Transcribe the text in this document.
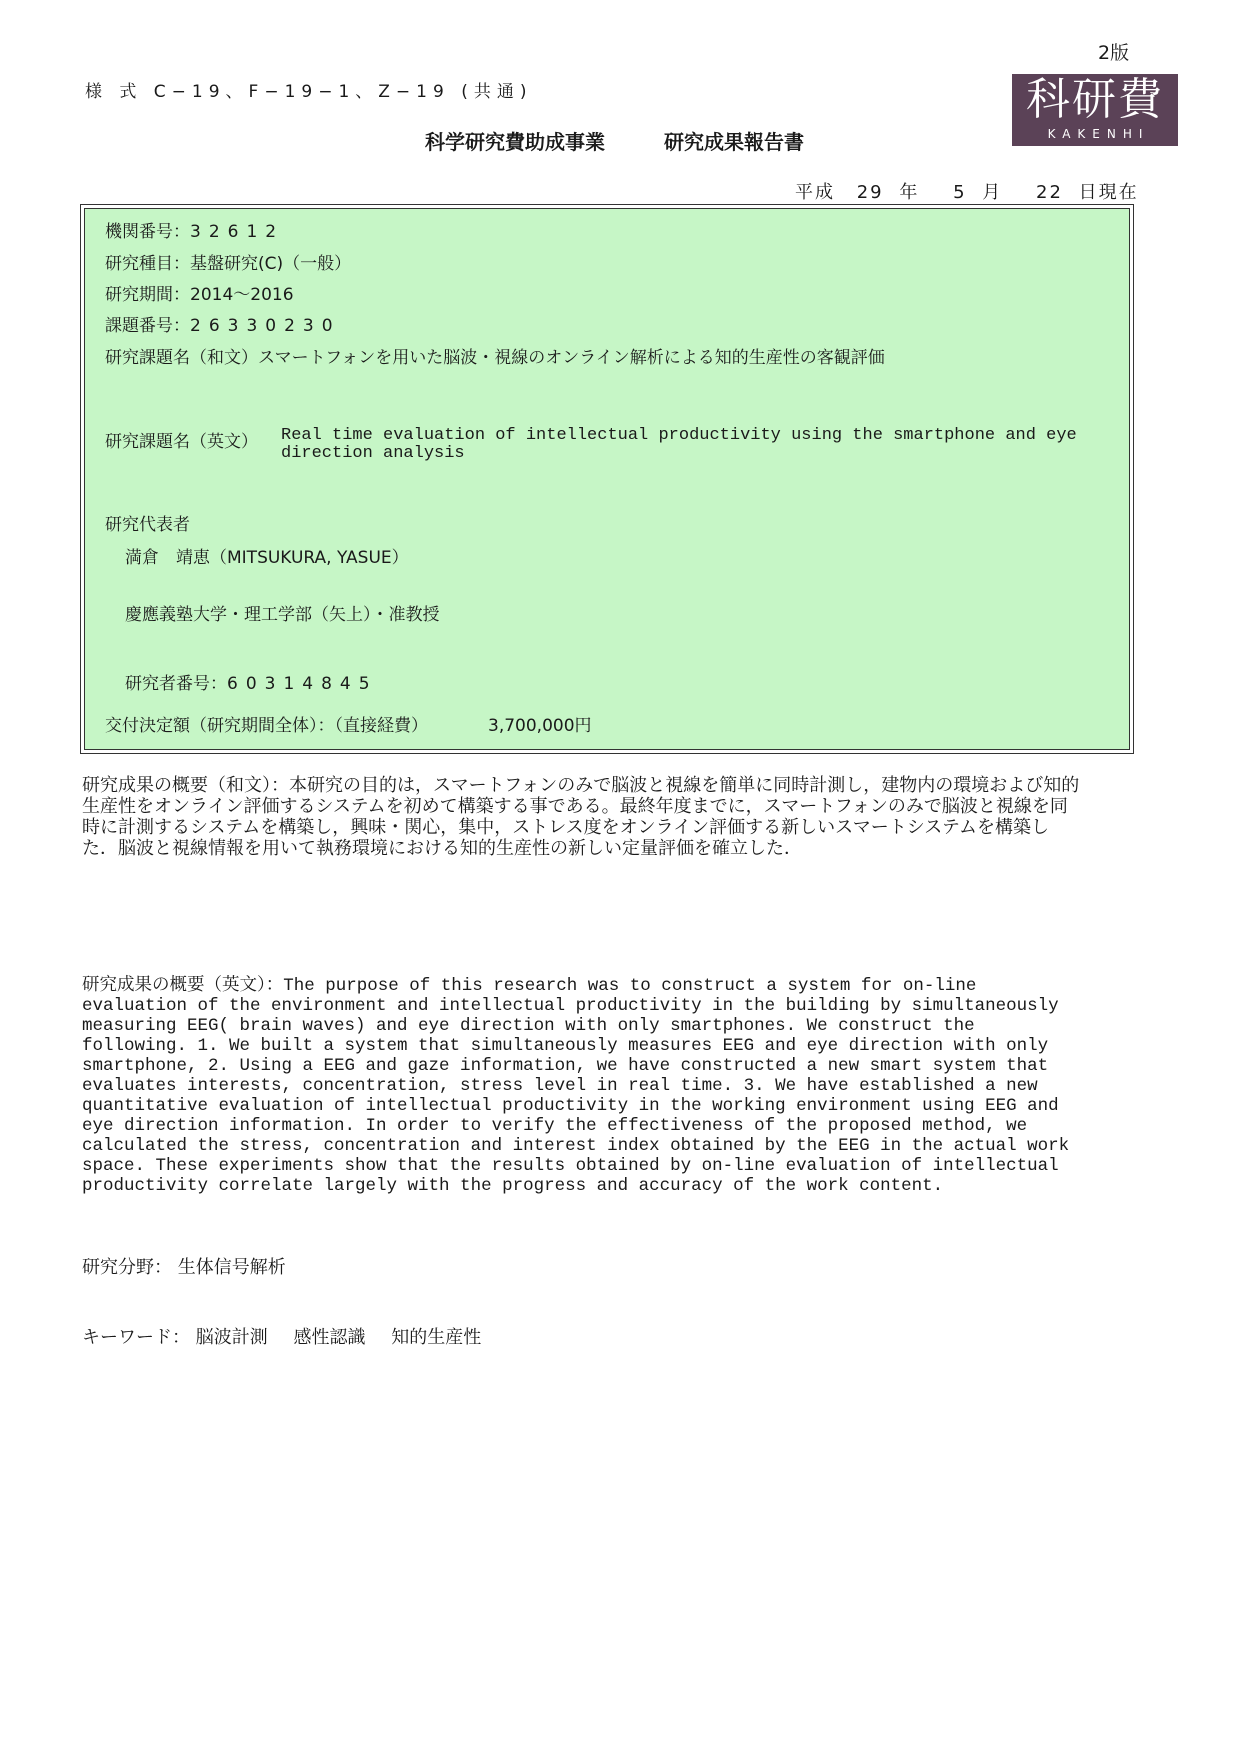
2版
様 式 C−19、F−19−1、Z−19 (共通)	科研費
KAKENHI
科学研究費助成事業	研究成果報告書
平成 29 年 5 月 22 日現在
機関番号：32612
研究種目：基盤研究(C)（一般）
研究期間：2014～2016
課題番号：26330230
研究課題名（和文）スマートフォンを用いた脳波・視線のオンライン解析による知的生産性の客観評価
研究課題名（英文） Real time evaluation of intellectual productivity using the smartphone and eye direction analysis
研究代表者
満倉　靖恵（MITSUKURA, YASUE）
慶應義塾大学・理工学部（矢上）・准教授
研究者番号：60314845
交付決定額（研究期間全体）：（直接経費）	3,700,000円
研究成果の概要（和文）：本研究の目的は，スマートフォンのみで脳波と視線を簡単に同時計測し，建物内の環境および知的生産性をオンライン評価するシステムを初めて構築する事である。最終年度までに，スマートフォンのみで脳波と視線を同時に計測するシステムを構築し，興味・関心，集中，ストレス度をオンライン評価する新しいスマートシステムを構築した．脳波と視線情報を用いて執務環境における知的生産性の新しい定量評価を確立した．
研究成果の概要（英文）：The purpose of this research was to construct a system for on-line evaluation of the environment and intellectual productivity in the building by simultaneously measuring EEG( brain waves) and eye direction with only smartphones. We construct the following. 1. We built a system that simultaneously measures EEG and eye direction with only smartphone, 2. Using a EEG and gaze information, we have constructed a new smart system that evaluates interests, concentration, stress level in real time. 3. We have established a new quantitative evaluation of intellectual productivity in the working environment using EEG and eye direction information. In order to verify the effectiveness of the proposed method, we calculated the stress, concentration and interest index obtained by the EEG in the actual work space. These experiments show that the results obtained by on-line evaluation of intellectual productivity correlate largely with the progress and accuracy of the work content.
研究分野： 生体信号解析
キーワード： 脳波計測 感性認識 知的生産性
